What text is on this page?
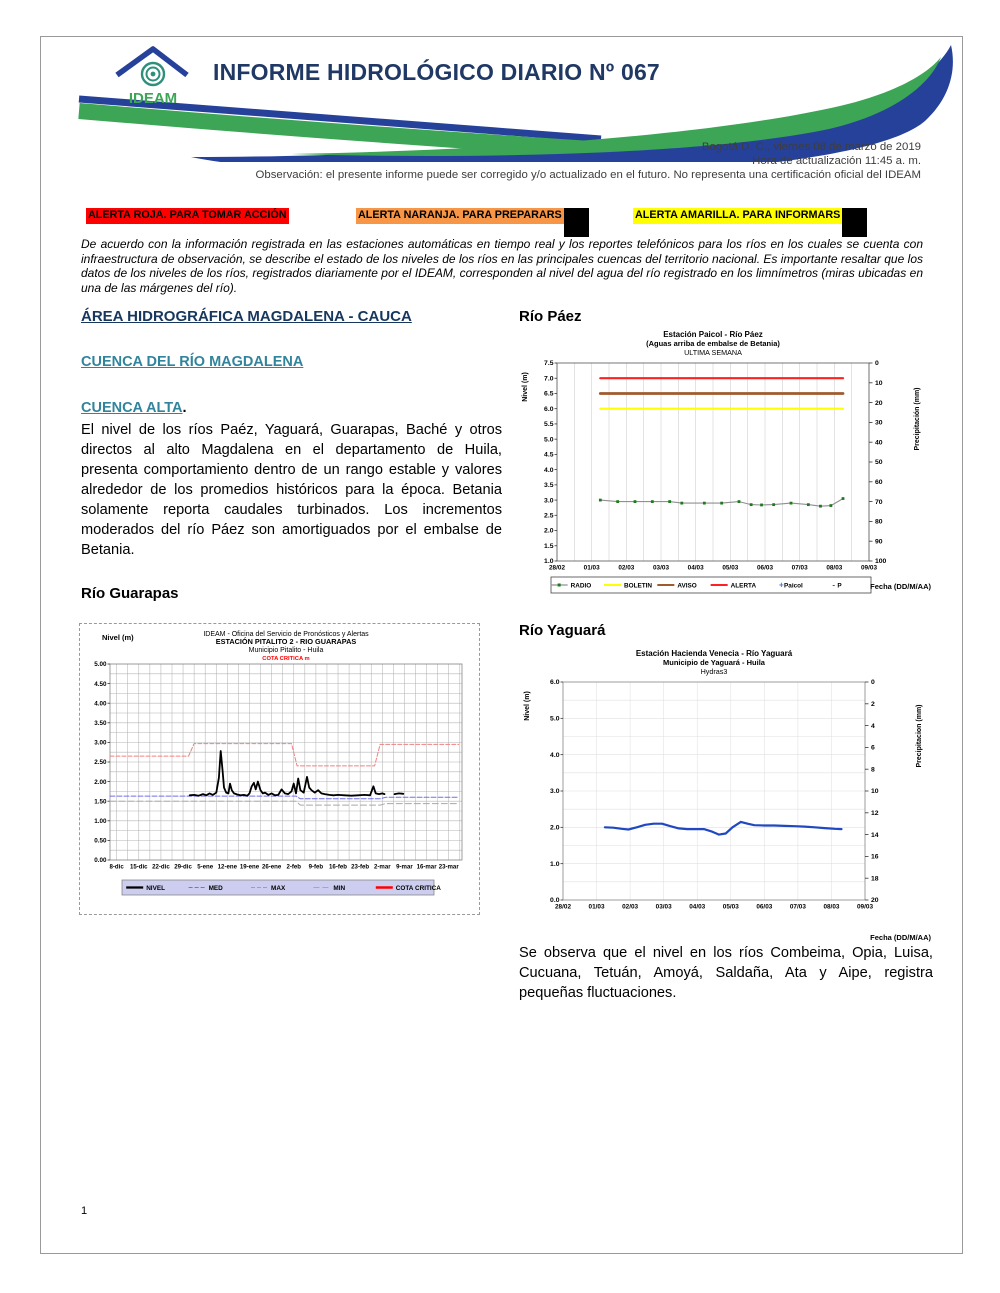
IDEAM
INFORME HIDROLÓGICO DIARIO Nº 067
Bogotá D. C., viernes 08 de marzo de 2019
Hora de actualización 11:45 a. m.
Observación: el presente informe puede ser corregido y/o actualizado en el futuro. No representa una certificación oficial del IDEAM
ALERTA ROJA. PARA TOMAR ACCIÓN	ALERTA NARANJA. PARA PREPARARS	ALERTA AMARILLA. PARA INFORMARS
De acuerdo con la información registrada en las estaciones automáticas en tiempo real y los reportes telefónicos para los ríos en los cuales se cuenta con infraestructura de observación, se describe el estado de los niveles de los ríos en las principales cuencas del territorio nacional. Es importante resaltar que los datos de los niveles de los ríos, registrados diariamente por el IDEAM, corresponden al nivel del agua del río registrado en los limnímetros (miras ubicadas en una de las márgenes del río).
ÁREA HIDROGRÁFICA MAGDALENA - CAUCA
CUENCA DEL RÍO MAGDALENA
CUENCA ALTA.
El nivel de los ríos Paéz, Yaguará, Guarapas, Baché y otros directos al alto Magdalena en el departamento de Huila, presenta comportamiento dentro de un rango estable y valores alrededor de los promedios históricos para la época. Betania solamente reporta caudales turbinados. Los incrementos moderados del río Páez son amortiguados por el embalse de Betania.
Río Guarapas
IDEAM - Oficina del Servicio de Pronósticos y Alertas
ESTACIÓN PITALITO 2 - RIO GUARAPAS
Municipio Pitalito - Huila
COTA CRITICA m
0.00
0.50
1.00
1.50
2.00
2.50
3.00
3.50
4.00
4.50
5.00
8-dic 15-dic 22-dic 29-dic 5-ene 12-ene 19-ene 26-ene 2-feb 9-feb 16-feb 23-feb 2-mar 9-mar 16-mar 23-mar
NIVEL	MED	MAX	MIN	COTA CRITICA
Nivel (m)
Río Páez
Estación Paicol - Río Páez
(Aguas arriba de embalse de Betania)
ULTIMA SEMANA
1.0
1.5
2.0
2.5
3.0
3.5
4.0
4.5
5.0
5.5
6.0
6.5
7.0
7.5	0
10
20
30
40
50
60
70
80
90
100
Precipitación (mm)
28/02	01/03	02/03	03/03	04/03	05/03	06/03	07/03	08/03	09/03
Nivel (m)
RADIO	BOLETIN	AVISO	ALERTA	+ Paicol	- P	Fecha (DD/M/AA)
Río Yaguará
Estación Hacienda Venecia - Río Yaguará
Municipio de Yaguará - Huila
Hydras3
0.0
1.0
2.0
3.0
4.0
5.0
6.0	0
2
4
6
8
10
12
14
16
18
20
Precipitacion (mm)
28/02	01/03	02/03	03/03	04/03	05/03	06/03	07/03	08/03	09/03
Nivel (m)
Fecha (DD/M/AA)
Se observa que el nivel en los ríos Combeima, Opia, Luisa, Cucuana, Tetuán, Amoyá, Saldaña, Ata y Aipe, registra pequeñas fluctuaciones.
1
